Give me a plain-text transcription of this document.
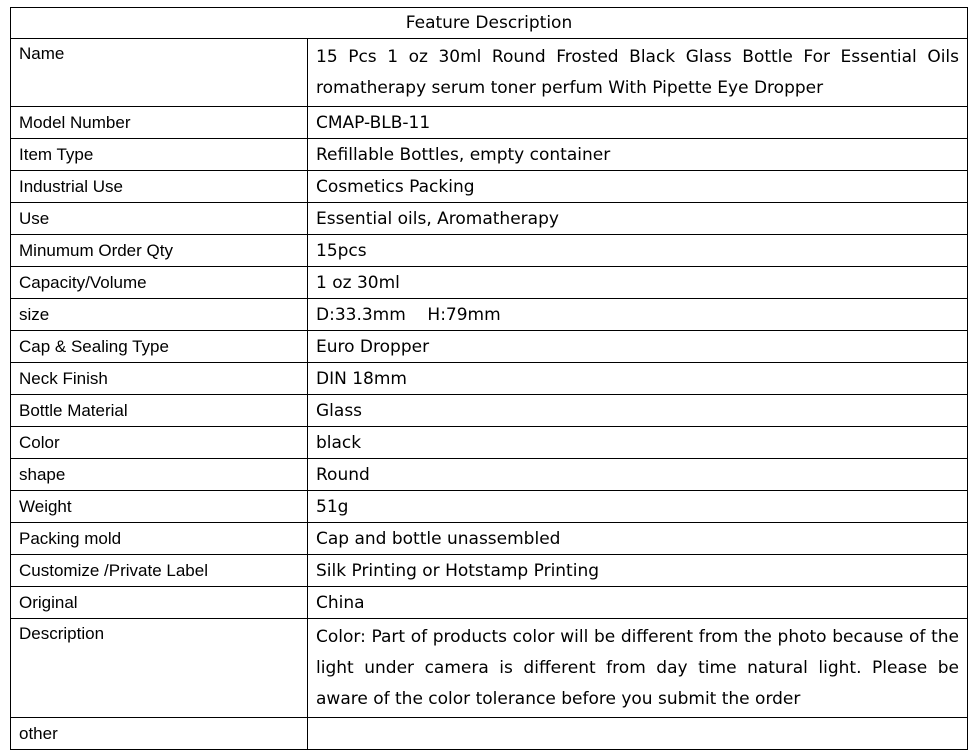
Feature Description	
Name	15 Pcs 1 oz 30ml Round Frosted Black Glass Bottle For Essential Oils romatherapy serum toner perfum With Pipette Eye Dropper
Model Number	CMAP-BLB-11
Item Type	Refillable Bottles, empty container
Industrial Use	Cosmetics Packing
Use	Essential oils, Aromatherapy
Minumum Order Qty	15pcs
Capacity/Volume	1 oz 30ml
size	D:33.3mm    H:79mm
Cap & Sealing Type	Euro Dropper
Neck Finish	DIN 18mm
Bottle Material	Glass
Color	black
shape	Round
Weight	51g
Packing mold	Cap and bottle unassembled
Customize /Private Label	Silk Printing or Hotstamp Printing
Original	China
Description	Color: Part of products color will be different from the photo because of the light under camera is different from day time natural light. Please be aware of the color tolerance before you submit the order
other	
